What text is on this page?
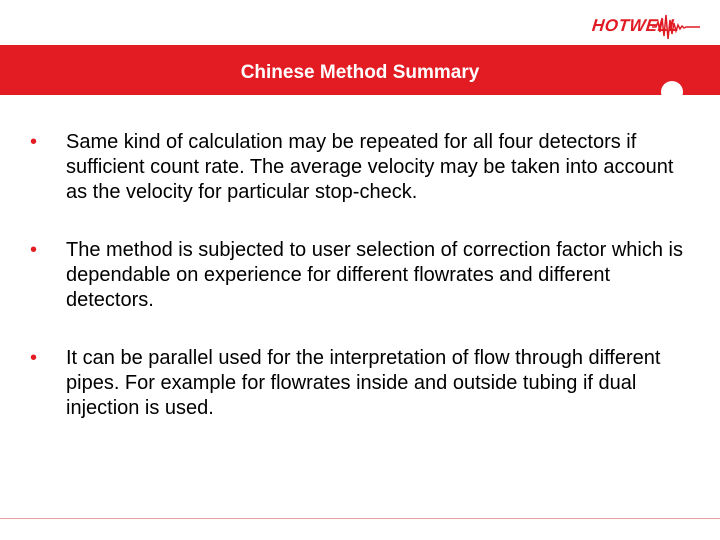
HOTWELL
Chinese Method Summary
• Same kind of calculation may be repeated for all four detectors if sufficient count rate. The average velocity may be taken into account as the velocity for particular stop-check.
• The method is subjected to user selection of correction factor which is dependable on experience for different flowrates and different detectors.
• It can be parallel used for the interpretation of flow through different pipes. For example for flowrates inside and outside tubing if dual injection is used.
